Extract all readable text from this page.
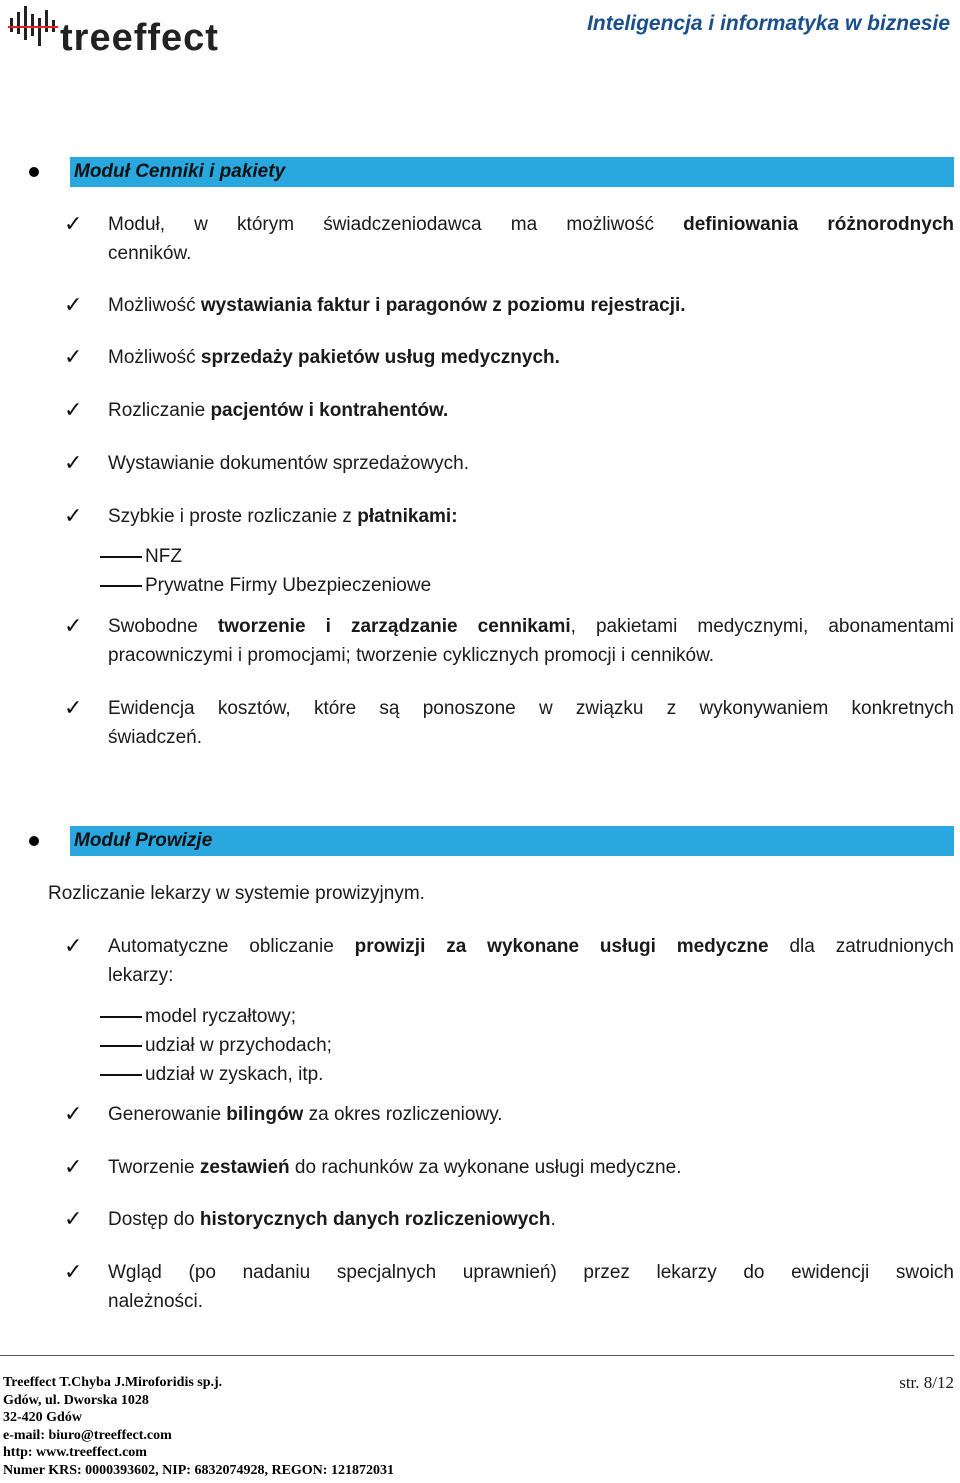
treeffect	Inteligencja i informatyka w biznesie
Moduł Cenniki i pakiety
✓ Moduł, w którym świadczeniodawca ma możliwość definiowania różnorodnych
cenników.
✓ Możliwość wystawiania faktur i paragonów z poziomu rejestracji.
✓ Możliwość sprzedaży pakietów usług medycznych.
✓ Rozliczanie pacjentów i kontrahentów.
✓ Wystawianie dokumentów sprzedażowych.
✓ Szybkie i proste rozliczanie z płatnikami:
NFZ
Prywatne Firmy Ubezpieczeniowe
✓ Swobodne tworzenie i zarządzanie cennikami, pakietami medycznymi, abonamentami
pracowniczymi i promocjami; tworzenie cyklicznych promocji i cenników.
✓ Ewidencja kosztów, które są ponoszone w związku z wykonywaniem konkretnych
świadczeń.
Moduł Prowizje
Rozliczanie lekarzy w systemie prowizyjnym.
✓ Automatyczne obliczanie prowizji za wykonane usługi medyczne dla zatrudnionych
lekarzy:
model ryczałtowy;
udział w przychodach;
udział w zyskach, itp.
✓ Generowanie bilingów za okres rozliczeniowy.
✓ Tworzenie zestawień do rachunków za wykonane usługi medyczne.
✓ Dostęp do historycznych danych rozliczeniowych.
✓ Wgląd (po nadaniu specjalnych uprawnień) przez lekarzy do ewidencji swoich
należności.
Treeffect T.Chyba J.Miroforidis sp.j.
Gdów, ul. Dworska 1028
32-420 Gdów
e-mail: biuro@treeffect.com
http: www.treeffect.com
Numer KRS: 0000393602, NIP: 6832074928, REGON: 121872031
str. 8/12
